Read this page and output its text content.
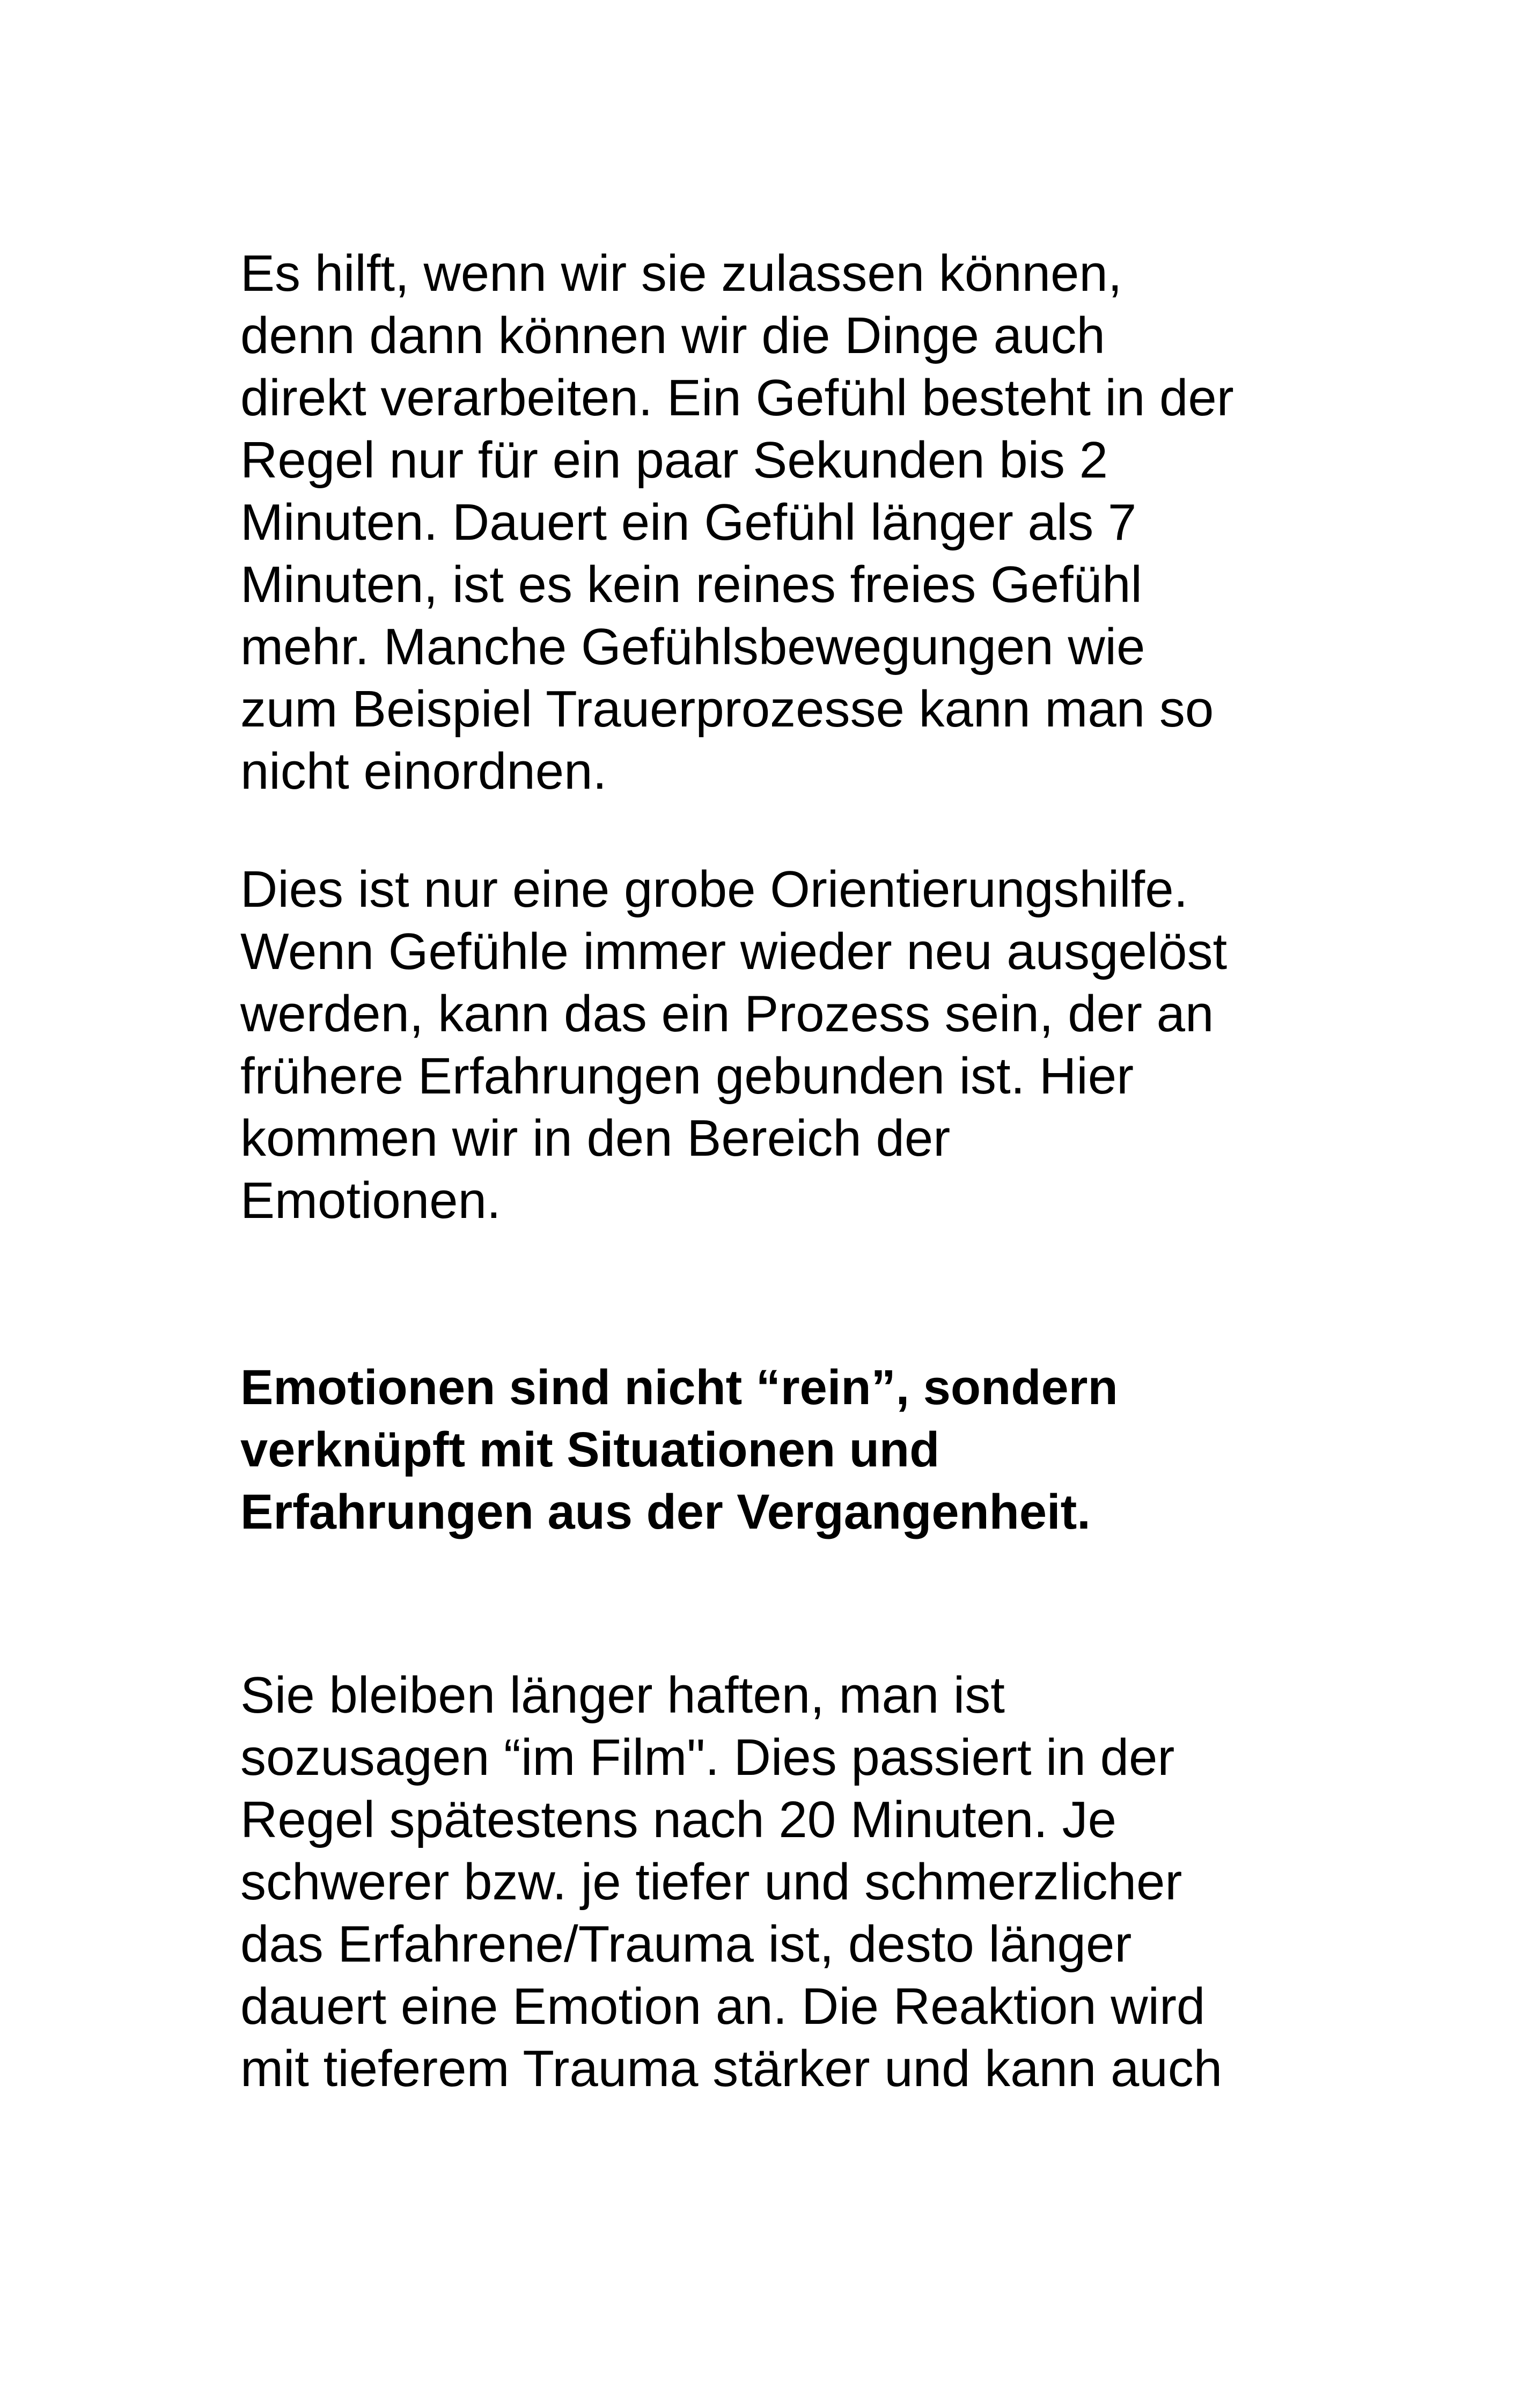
Es hilft, wenn wir sie zulassen können,
denn dann können wir die Dinge auch
direkt verarbeiten. Ein Gefühl besteht in der
Regel nur für ein paar Sekunden bis 2
Minuten. Dauert ein Gefühl länger als 7
Minuten, ist es kein reines freies Gefühl
mehr. Manche Gefühlsbewegungen wie
zum Beispiel Trauerprozesse kann man so
nicht einordnen.
Dies ist nur eine grobe Orientierungshilfe.
Wenn Gefühle immer wieder neu ausgelöst
werden, kann das ein Prozess sein, der an
frühere Erfahrungen gebunden ist. Hier
kommen wir in den Bereich der
Emotionen.
Emotionen sind nicht “rein”, sondern
verknüpft mit Situationen und
Erfahrungen aus der Vergangenheit.
Sie bleiben länger haften, man ist
sozusagen “im Film". Dies passiert in der
Regel spätestens nach 20 Minuten. Je
schwerer bzw. je tiefer und schmerzlicher
das Erfahrene/Trauma ist, desto länger
dauert eine Emotion an. Die Reaktion wird
mit tieferem Trauma stärker und kann auch
